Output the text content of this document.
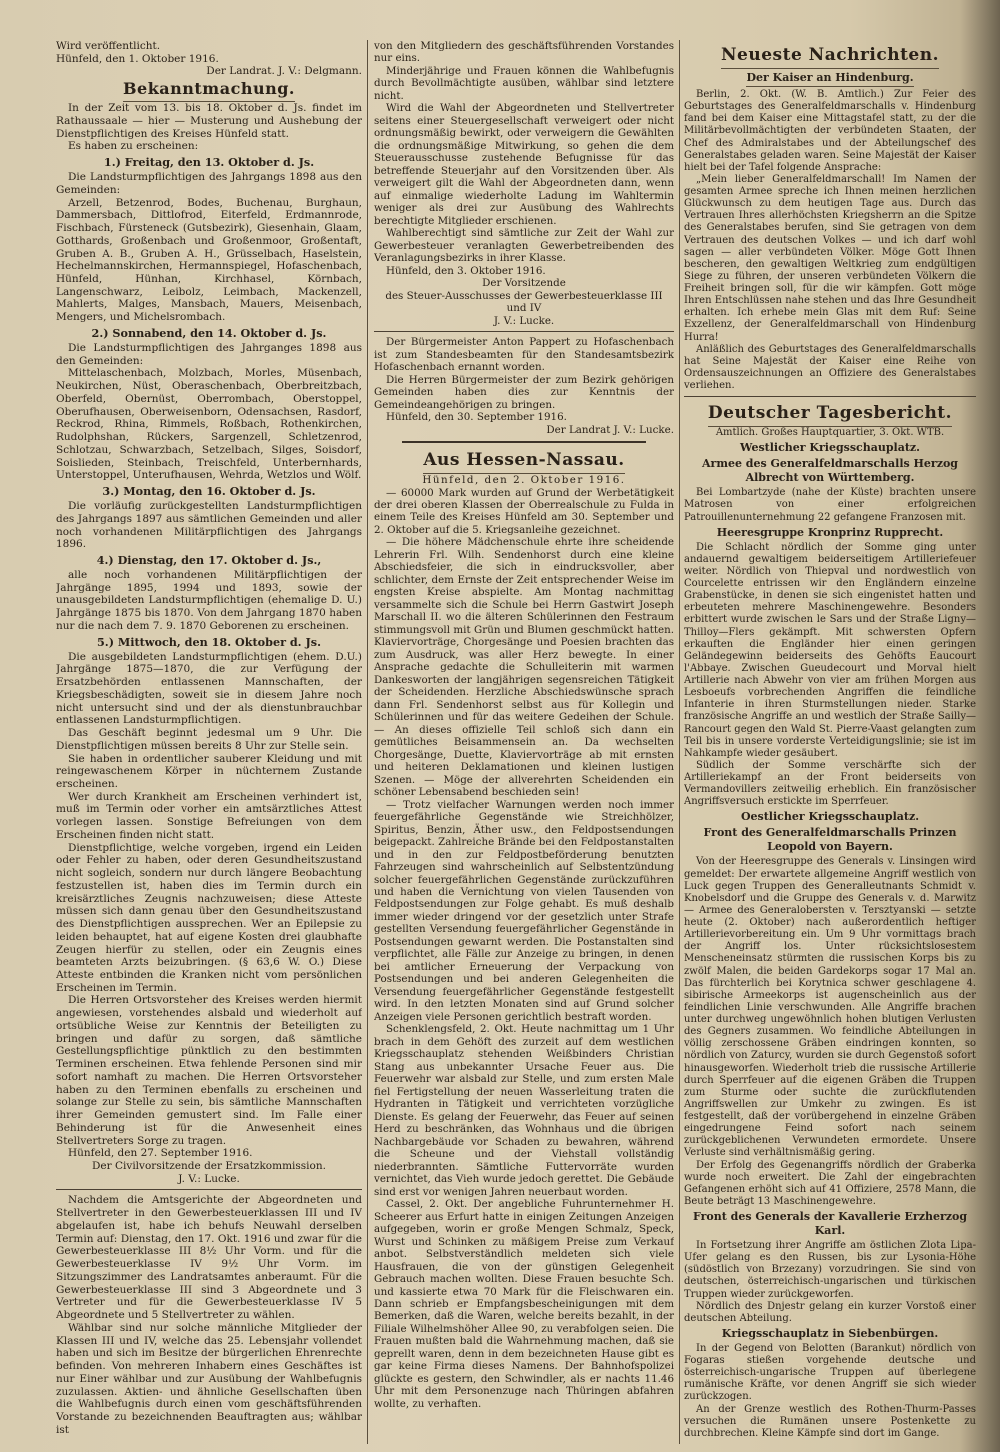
Wird veröffentlicht.

Hünfeld, den 1. Oktober 1916.

Der Landrat. J. V.: Delgmann.

Bekanntmachung.

In der Zeit vom 13. bis 18. Oktober d. Js. findet im Rathaussaale — hier — Musterung und Aushebung der Dienstpflichtigen des Kreises Hünfeld statt.

Es haben zu erscheinen:

1.) Freitag, den 13. Oktober d. Js.

Die Landsturmpflichtigen des Jahrgangs 1898 aus den Gemeinden:

Arzell, Betzenrod, Bodes, Buchenau, Burghaun, Dammersbach, Dittlofrod, Eiterfeld, Erdmannrode, Fischbach, Fürsteneck (Gutsbezirk), Giesenhain, Glaam, Gotthards, Großenbach und Großenmoor, Großentaft, Gruben A. B., Gruben A. H., Grüsselbach, Haselstein, Hechelmannskirchen, Hermannspiegel, Hofaschenbach, Hünfeld, Hünhan, Kirchhasel, Körnbach, Langenschwarz, Leibolz, Leimbach, Mackenzell, Mahlerts, Malges, Mansbach, Mauers, Meisenbach, Mengers, und Michelsrombach.

2.) Sonnabend, den 14. Oktober d. Js.

Die Landsturmpflichtigen des Jahrganges 1898 aus den Gemeinden:

Mittelaschenbach, Molzbach, Morles, Müsenbach, Neukirchen, Nüst, Oberaschenbach, Oberbreitzbach, Oberfeld, Obernüst, Oberrombach, Oberstoppel, Oberufhausen, Oberweisenborn, Odensachsen, Rasdorf, Reckrod, Rhina, Rimmels, Roßbach, Rothenkirchen, Rudolphshan, Rückers, Sargenzell, Schletzenrod, Schlotzau, Schwarzbach, Setzelbach, Silges, Soisdorf, Soislieden, Steinbach, Treischfeld, Unterbernhards, Unterstoppel, Unterufhausen, Wehrda, Wetzlos und Wölf.

3.) Montag, den 16. Oktober d. Js.

Die vorläufig zurückgestellten Landsturmpflichtigen des Jahrgangs 1897 aus sämtlichen Gemeinden und aller noch vorhandenen Militärpflichtigen des Jahrgangs 1896.

4.) Dienstag, den 17. Oktober d. Js.,

alle noch vorhandenen Militärpflichtigen der Jahrgänge 1895, 1994 und 1893, sowie der unausgebildeten Landsturmpflichtigen (ehemalige D. U.) Jahrgänge 1875 bis 1870. Von dem Jahrgang 1870 haben nur die nach dem 7. 9. 1870 Geborenen zu erscheinen.

5.) Mittwoch, den 18. Oktober d. Js.

Die ausgebildeten Landsturmpflichtigen (ehem. D.U.) Jahrgänge 1875—1870, die zur Verfügung der Ersatzbehörden entlassenen Mannschaften, der Kriegsbeschädigten, soweit sie in diesem Jahre noch nicht untersucht sind und der als dienstunbrauchbar entlassenen Landsturmpflichtigen.

Das Geschäft beginnt jedesmal um 9 Uhr. Die Dienstpflichtigen müssen bereits 8 Uhr zur Stelle sein.

Sie haben in ordentlicher sauberer Kleidung und mit reingewaschenem Körper in nüchternem Zustande erscheinen.

Wer durch Krankheit am Erscheinen verhindert ist, muß im Termin oder vorher ein amtsärztliches Attest vorlegen lassen. Sonstige Befreiungen von dem Erscheinen finden nicht statt.

Dienstpflichtige, welche vorgeben, irgend ein Leiden oder Fehler zu haben, oder deren Gesundheitszustand nicht sogleich, sondern nur durch längere Beobachtung festzustellen ist, haben dies im Termin durch ein kreisärztliches Zeugnis nachzuweisen; diese Atteste müssen sich dann genau über den Gesundheitszustand des Dienstpflichtigen aussprechen. Wer an Epilepsie zu leiden behauptet, hat auf eigene Kosten drei glaubhafte Zeugen hierfür zu stellen, oder ein Zeugnis eines beamteten Arzts beizubringen. (§ 63,6 W. O.) Diese Atteste entbinden die Kranken nicht vom persönlichen Erscheinen im Termin.

Die Herren Ortsvorsteher des Kreises werden hiermit angewiesen, vorstehendes alsbald und wiederholt auf ortsübliche Weise zur Kenntnis der Beteiligten zu bringen und dafür zu sorgen, daß sämtliche Gestellungspflichtige pünktlich zu den bestimmten Terminen erscheinen. Etwa fehlende Personen sind mir sofort namhaft zu machen. Die Herren Ortsvorsteher haben zu den Terminen ebenfalls zu erscheinen und solange zur Stelle zu sein, bis sämtliche Mannschaften ihrer Gemeinden gemustert sind. Im Falle einer Behinderung ist für die Anwesenheit eines Stellvertreters Sorge zu tragen.

Hünfeld, den 27. September 1916.

Der Civilvorsitzende der Ersatzkommission.

J. V.: Lucke.

Nachdem die Amtsgerichte der Abgeordneten und Stellvertreter in den Gewerbesteuerklassen III und IV abgelaufen ist, habe ich behufs Neuwahl derselben Termin auf: Dienstag, den 17. Okt. 1916 und zwar für die Gewerbesteuerklasse III 8½ Uhr Vorm. und für die Gewerbesteuerklasse IV 9½ Uhr Vorm. im Sitzungszimmer des Landratsamtes anberaumt. Für die Gewerbesteuerklasse III sind 3 Abgeordnete und 3 Vertreter und für die Gewerbesteuerklasse IV 5 Abgeordnete und 5 Stellvertreter zu wählen.

Wählbar sind nur solche männliche Mitglieder der Klassen III und IV, welche das 25. Lebensjahr vollendet haben und sich im Besitze der bürgerlichen Ehrenrechte befinden. Von mehreren Inhabern eines Geschäftes ist nur Einer wählbar und zur Ausübung der Wahlbefugnis zuzulassen. Aktien- und ähnliche Gesellschaften üben die Wahlbefugnis durch einen vom geschäftsführenden Vorstande zu bezeichnenden Beauftragten aus; wählbar ist

von den Mitgliedern des geschäftsführenden Vorstandes nur eins.

Minderjährige und Frauen können die Wahlbefugnis durch Bevollmächtigte ausüben, wählbar sind letztere nicht.

Wird die Wahl der Abgeordneten und Stellvertreter seitens einer Steuergesellschaft verweigert oder nicht ordnungsmäßig bewirkt, oder verweigern die Gewählten die ordnungsmäßige Mitwirkung, so gehen die dem Steuerausschusse zustehende Befugnisse für das betreffende Steuerjahr auf den Vorsitzenden über. Als verweigert gilt die Wahl der Abgeordneten dann, wenn auf einmalige wiederholte Ladung im Wahltermin weniger als drei zur Ausübung des Wahlrechts berechtigte Mitglieder erschienen.

Wahlberechtigt sind sämtliche zur Zeit der Wahl zur Gewerbesteuer veranlagten Gewerbetreibenden des Veranlagungsbezirks in ihrer Klasse.

Hünfeld, den 3. Oktober 1916.

Der Vorsitzende

des Steuer-Ausschusses der Gewerbesteuerklasse III und IV

J. V.: Lucke.

Der Bürgermeister Anton Pappert zu Hofaschenbach ist zum Standesbeamten für den Standesamtsbezirk Hofaschenbach ernannt worden.

Die Herren Bürgermeister der zum Bezirk gehörigen Gemeinden haben dies zur Kenntnis der Gemeindeangehörigen zu bringen.

Hünfeld, den 30. September 1916.

Der Landrat J. V.: Lucke.

Aus Hessen-Nassau.

Hünfeld, den 2. Oktober 1916.

— 60000 Mark wurden auf Grund der Werbetätigkeit der drei oberen Klassen der Oberrealschule zu Fulda in einem Teile des Kreises Hünfeld am 30. September und 2. Oktober auf die 5. Kriegsanleihe gezeichnet.

— Die höhere Mädchenschule ehrte ihre scheidende Lehrerin Frl. Wilh. Sendenhorst durch eine kleine Abschiedsfeier, die sich in eindrucksvoller, aber schlichter, dem Ernste der Zeit entsprechender Weise im engsten Kreise abspielte. Am Montag nachmittag versammelte sich die Schule bei Herrn Gastwirt Joseph Marschall II. wo die älteren Schülerinnen den Festraum stimmungsvoll mit Grün und Blumen geschmückt hatten. Klaviervorträge, Chorgesänge und Poesien brachten das zum Ausdruck, was aller Herz bewegte. In einer Ansprache gedachte die Schulleiterin mit warmen Dankesworten der langjährigen segensreichen Tätigkeit der Scheidenden. Herzliche Abschiedswünsche sprach dann Frl. Sendenhorst selbst aus für Kollegin und Schülerinnen und für das weitere Gedeihen der Schule. — An dieses offizielle Teil schloß sich dann ein gemütliches Beisammensein an. Da wechselten Chorgesänge, Duette, Klaviervorträge ab mit ernsten und heiteren Deklamationen und kleinen lustigen Szenen. — Möge der allverehrten Scheidenden ein schöner Lebensabend beschieden sein!

— Trotz vielfacher Warnungen werden noch immer feuergefährliche Gegenstände wie Streichhölzer, Spiritus, Benzin, Äther usw., den Feldpostsendungen beigepackt. Zahlreiche Brände bei den Feldpostanstalten und in den zur Feldpostbeförderung benutzten Fahrzeugen sind wahrscheinlich auf Selbstentzündung solcher feuergefährlichen Gegenstände zurückzuführen und haben die Vernichtung von vielen Tausenden von Feldpostsendungen zur Folge gehabt. Es muß deshalb immer wieder dringend vor der gesetzlich unter Strafe gestellten Versendung feuergefährlicher Gegenstände in Postsendungen gewarnt werden. Die Postanstalten sind verpflichtet, alle Fälle zur Anzeige zu bringen, in denen bei amtlicher Erneuerung der Verpackung von Postsendungen und bei anderen Gelegenheiten die Versendung feuergefährlicher Gegenstände festgestellt wird. In den letzten Monaten sind auf Grund solcher Anzeigen viele Personen gerichtlich bestraft worden.

Schenklengsfeld, 2. Okt. Heute nachmittag um 1 Uhr brach in dem Gehöft des zurzeit auf dem westlichen Kriegsschauplatz stehenden Weißbinders Christian Stang aus unbekannter Ursache Feuer aus. Die Feuerwehr war alsbald zur Stelle, und zum ersten Male fiel Fertigstellung der neuen Wasserleitung traten die Hydranten in Tätigkeit und verrichteten vorzügliche Dienste. Es gelang der Feuerwehr, das Feuer auf seinen Herd zu beschränken, das Wohnhaus und die übrigen Nachbargebäude vor Schaden zu bewahren, während die Scheune und der Viehstall vollständig niederbrannten. Sämtliche Futtervorräte wurden vernichtet, das Vieh wurde jedoch gerettet. Die Gebäude sind erst vor wenigen Jahren neuerbaut worden.

Cassel, 2. Okt. Der angebliche Fuhrunternehmer H. Scheerer aus Erfurt hatte in einigen Zeitungen Anzeigen aufgegeben, worin er große Mengen Schmalz, Speck, Wurst und Schinken zu mäßigem Preise zum Verkauf anbot. Selbstverständlich meldeten sich viele Hausfrauen, die von der günstigen Gelegenheit Gebrauch machen wollten. Diese Frauen besuchte Sch. und kassierte etwa 70 Mark für die Fleischwaren ein. Dann schrieb er Empfangsbescheinigungen mit dem Bemerken, daß die Waren, welche bereits bezahlt, in der Filiale Wilhelmshöher Allee 90, zu verabfolgen seien. Die Frauen mußten bald die Wahrnehmung machen, daß sie geprellt waren, denn in dem bezeichneten Hause gibt es gar keine Firma dieses Namens. Der Bahnhofspolizei glückte es gestern, den Schwindler, als er nachts 11.46 Uhr mit dem Personenzuge nach Thüringen abfahren wollte, zu verhaften.

Neueste Nachrichten.
Der Kaiser an Hindenburg.

Berlin, 2. Okt. (W. B. Amtlich.) Zur Feier des Geburtstages des Generalfeldmarschalls v. Hindenburg fand bei dem Kaiser eine Mittagstafel statt, zu der die Militärbevollmächtigten der verbündeten Staaten, der Chef des Admiralstabes und der Abteilungschef des Generalstabes geladen waren. Seine Majestät der Kaiser hielt bei der Tafel folgende Ansprache:

„Mein lieber Generalfeldmarschall! Im Namen der gesamten Armee spreche ich Ihnen meinen herzlichen Glückwunsch zu dem heutigen Tage aus. Durch das Vertrauen Ihres allerhöchsten Kriegsherrn an die Spitze des Generalstabes berufen, sind Sie getragen von dem Vertrauen des deutschen Volkes — und ich darf wohl sagen — aller verbündeten Völker. Möge Gott Ihnen bescheren, den gewaltigen Weltkrieg zum endgültigen Siege zu führen, der unseren verbündeten Völkern die Freiheit bringen soll, für die wir kämpfen. Gott möge Ihren Entschlüssen nahe stehen und das Ihre Gesundheit erhalten. Ich erhebe mein Glas mit dem Ruf: Seine Exzellenz, der Generalfeldmarschall von Hindenburg Hurra!

Anläßlich des Geburtstages des Generalfeldmarschalls hat Seine Majestät der Kaiser eine Reihe von Ordensauszeichnungen an Offiziere des Generalstabes verliehen.

Deutscher Tagesbericht.

Amtlich. Großes Hauptquartier, 3. Okt. WTB.

Westlicher Kriegsschauplatz.
Armee des Generalfeldmarschalls Herzog Albrecht von Württemberg.

Bei Lombartzyde (nahe der Küste) brachten unsere Matrosen von einer erfolgreichen Patrouillenunternehmung 22 gefangene Franzosen mit.

Heeresgruppe Kronprinz Rupprecht.

Die Schlacht nördlich der Somme ging unter andauernd gewaltigem beiderseitigem Artilleriefeuer weiter. Nördlich von Thiepval und nordwestlich von Courcelette entrissen wir den Engländern einzelne Grabenstücke, in denen sie sich eingenistet hatten und erbeuteten mehrere Maschinengewehre. Besonders erbittert wurde zwischen le Sars und der Straße Ligny—Thilloy—Flers gekämpft. Mit schwersten Opfern erkauften die Engländer hier einen geringen Geländegewinn beiderseits des Gehöfts Eaucourt l'Abbaye. Zwischen Gueudecourt und Morval hielt Artillerie nach Abwehr von vier am frühen Morgen aus Lesboeufs vorbrechenden Angriffen die feindliche Infanterie in ihren Sturmstellungen nieder. Starke französische Angriffe an und westlich der Straße Sailly—Rancourt gegen den Wald St. Pierre-Vaast gelangten zum Teil bis in unsere vorderste Verteidigungslinie; sie ist im Nahkampfe wieder gesäubert.

Südlich der Somme verschärfte sich der Artilleriekampf an der Front beiderseits von Vermandovillers zeitweilig erheblich. Ein französischer Angriffsversuch erstickte im Sperrfeuer.

Oestlicher Kriegsschauplatz.
Front des Generalfeldmarschalls Prinzen Leopold von Bayern.

Von der Heeresgruppe des Generals v. Linsingen wird gemeldet: Der erwartete allgemeine Angriff westlich von Luck gegen Truppen des Generalleutnants Schmidt v. Knobelsdorf und die Gruppe des Generals v. d. Marwitz — Armee des Generalobersten v. Tersztyanski — setzte heute (2. Oktober) nach außerordentlich heftiger Artillerievorbereitung ein. Um 9 Uhr vormittags brach der Angriff los. Unter rücksichtslosestem Menscheneinsatz stürmten die russischen Korps bis zu zwölf Malen, die beiden Gardekorps sogar 17 Mal an. Das fürchterlich bei Korytnica schwer geschlagene 4. sibirische Armeekorps ist augenscheinlich aus der feindlichen Linie verschwunden. Alle Angriffe brachen unter durchweg ungewöhnlich hohen blutigen Verlusten des Gegners zusammen. Wo feindliche Abteilungen in völlig zerschossene Gräben eindringen konnten, so nördlich von Zaturcy, wurden sie durch Gegenstoß sofort hinausgeworfen. Wiederholt trieb die russische Artillerie durch Sperrfeuer auf die eigenen Gräben die Truppen zum Sturme oder suchte die zurückflutenden Angriffswellen zur Umkehr zu zwingen. Es ist festgestellt, daß der vorübergehend in einzelne Gräben eingedrungene Feind sofort nach seinem zurückgeblichenen Verwundeten ermordete. Unsere Verluste sind verhältnismäßig gering.

Der Erfolg des Gegenangriffs nördlich der Graberka wurde noch erweitert. Die Zahl der eingebrachten Gefangenen erhöht sich auf 41 Offiziere, 2578 Mann, die Beute beträgt 13 Maschinengewehre.

Front des Generals der Kavallerie Erzherzog Karl.

In Fortsetzung ihrer Angriffe am östlichen Zlota Lipa-Ufer gelang es den Russen, bis zur Lysonia-Höhe (südöstlich von Brzezany) vorzudringen. Sie sind von deutschen, österreichisch-ungarischen und türkischen Truppen wieder zurückgeworfen.

Nördlich des Dnjestr gelang ein kurzer Vorstoß einer deutschen Abteilung.

Kriegsschauplatz in Siebenbürgen.

In der Gegend von Belotten (Barankut) nördlich von Fogaras stießen vorgehende deutsche und österreichisch-ungarische Truppen auf überlegene rumänische Kräfte, vor denen Angriff sie sich wieder zurückzogen.

An der Grenze westlich des Rothen-Thurm-Passes versuchen die Rumänen unsere Postenkette zu durchbrechen. Kleine Kämpfe sind dort im Gange.
